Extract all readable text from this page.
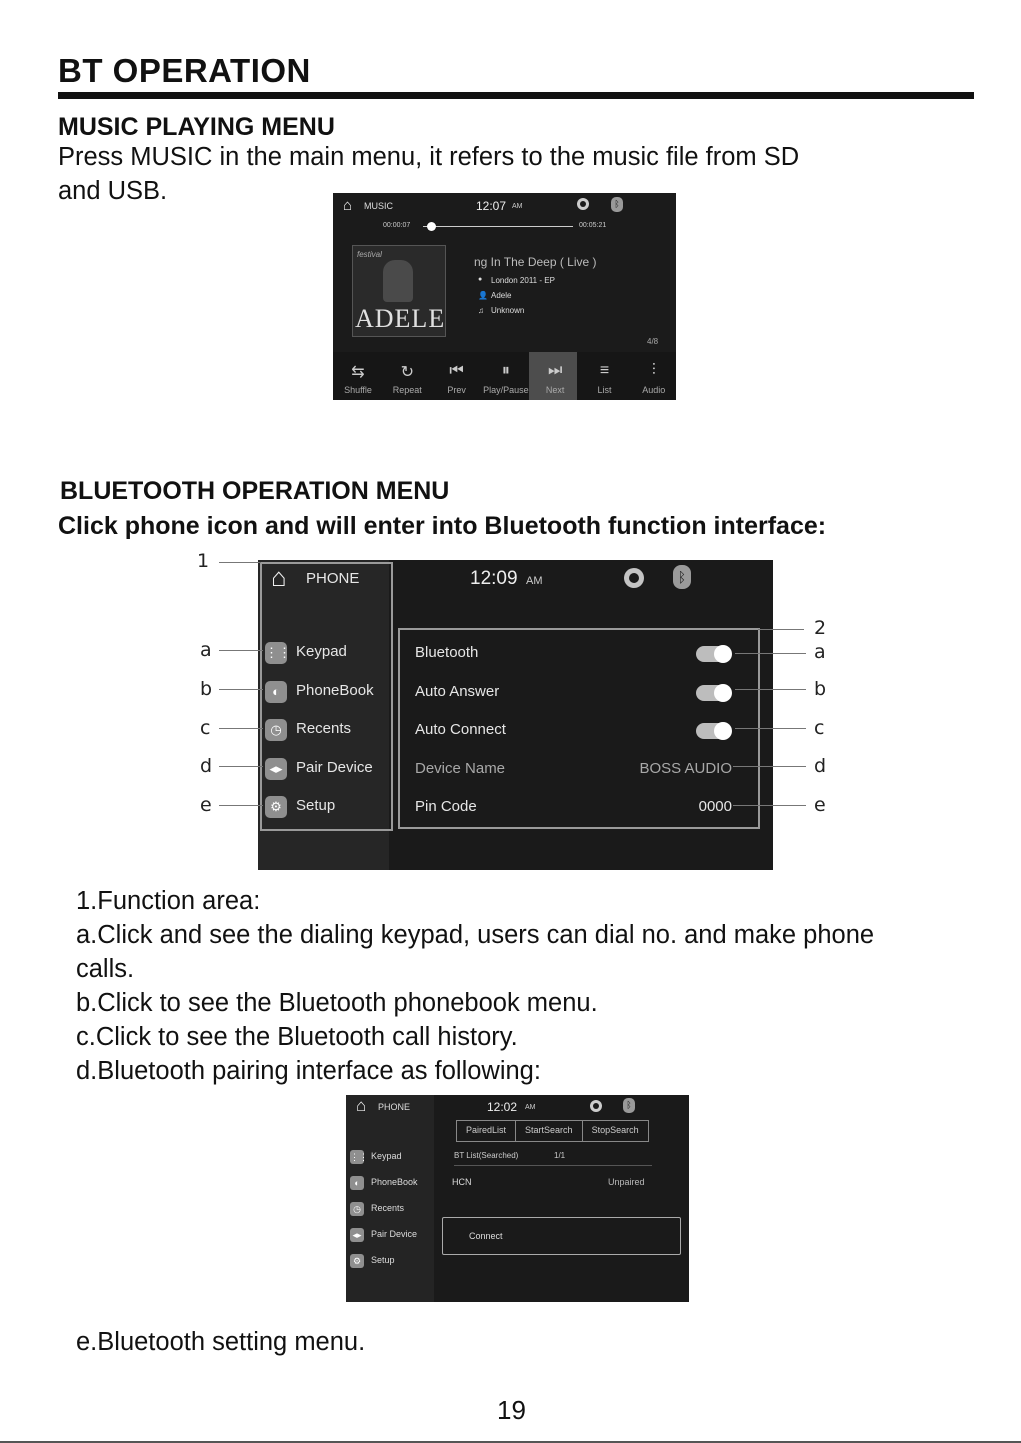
BT OPERATION
MUSIC PLAYING MENU
Press MUSIC in the main menu, it refers to the music file from SD
and USB.
⌂ MUSIC	12:07 AM	ᛒ
00:00:07	00:05:21
festival
ADELE
ng In The Deep ( Live )
● London 2011 - EP
👤 Adele
♫ Unknown
4/8
⇆
Shuffle
↻
Repeat
⏮
Prev
⏸
Play/Pause
⏭
Next
≡
List
⫶
Audio
BLUETOOTH OPERATION MENU
Click phone icon and will enter into Bluetooth function interface:
⌂ PHONE	12:09 AM	ᛒ
⋮⋮ Keypad
◐	PhoneBook
◷ Recents
◂▸ Pair Device
⚙ Setup
Bluetooth
Auto Answer
Auto Connect
Device Name	BOSS AUDIO
Pin Code	0000
1
2
a
b
c
d
e
a
b
c
d
e
1.Function area:
a.Click and see the dialing keypad, users can dial no. and make phone
calls.
b.Click to see the Bluetooth phonebook menu.
c.Click to see the Bluetooth call history.
d.Bluetooth pairing interface as following:
⌂ PHONE	12:02 AM	ᛒ
PairedList	StartSearch	StopSearch
BT List(Searched)	1/1
HCN	Unpaired
Connect
⋮⋮ Keypad
◐	PhoneBook
◷	Recents
◂▸ Pair Device
⚙	Setup
e.Bluetooth setting menu.
19
